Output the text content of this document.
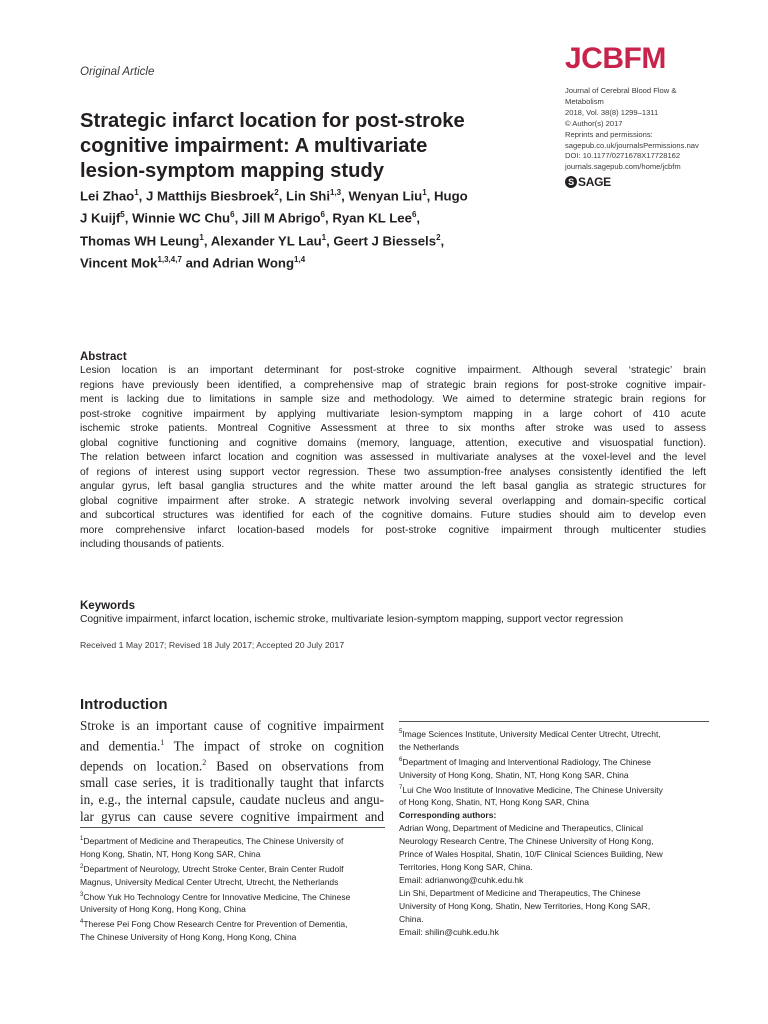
Original Article	JCBFM
Journal of Cerebral Blood Flow &
Metabolism
2018, Vol. 38(8) 1299–1311
© Author(s) 2017
Reprints and permissions:
sagepub.co.uk/journalsPermissions.nav
DOI: 10.1177/0271678X17728162
journals.sagepub.com/home/jcbfm
S SAGE
Strategic infarct location for post-stroke
cognitive impairment: A multivariate
lesion-symptom mapping study
Lei Zhao$^1$, J Matthijs Biesbroek$^2$, Lin Shi$^{1,3}$, Wenyan Liu$^1$, Hugo
J Kuijf$^5$, Winnie WC Chu$^6$, Jill M Abrigo$^6$, Ryan KL Lee$^6$,
Thomas WH Leung$^1$, Alexander YL Lau$^1$, Geert J Biessels$^2$,
Vincent Mok$^{1,3,4,7}$ and Adrian Wong$^{1,4}$
Abstract
Lesion location is an important determinant for post-stroke cognitive impairment. Although several ‘strategic’ brain
regions have previously been identified, a comprehensive map of strategic brain regions for post-stroke cognitive impair-
ment is lacking due to limitations in sample size and methodology. We aimed to determine strategic brain regions for
post-stroke cognitive impairment by applying multivariate lesion-symptom mapping in a large cohort of 410 acute
ischemic stroke patients. Montreal Cognitive Assessment at three to six months after stroke was used to assess
global cognitive functioning and cognitive domains (memory, language, attention, executive and visuospatial function).
The relation between infarct location and cognition was assessed in multivariate analyses at the voxel-level and the level
of regions of interest using support vector regression. These two assumption-free analyses consistently identified the left
angular gyrus, left basal ganglia structures and the white matter around the left basal ganglia as strategic structures for
global cognitive impairment after stroke. A strategic network involving several overlapping and domain-specific cortical
and subcortical structures was identified for each of the cognitive domains. Future studies should aim to develop even
more comprehensive infarct location-based models for post-stroke cognitive impairment through multicenter studies
including thousands of patients.
Keywords
Cognitive impairment, infarct location, ischemic stroke, multivariate lesion-symptom mapping, support vector regression
Received 1 May 2017; Revised 18 July 2017; Accepted 20 July 2017
Introduction
Stroke is an important cause of cognitive impairment
and dementia.$^1$ The impact of stroke on cognition
depends on location.$^2$ Based on observations from
small case series, it is traditionally taught that infarcts
in, e.g., the internal capsule, caudate nucleus and angu-
lar gyrus can cause severe cognitive impairment and
$^1$Department of Medicine and Therapeutics, The Chinese University of
Hong Kong, Shatin, NT, Hong Kong SAR, China
$^2$Department of Neurology, Utrecht Stroke Center, Brain Center Rudolf
Magnus, University Medical Center Utrecht, Utrecht, the Netherlands
$^3$Chow Yuk Ho Technology Centre for Innovative Medicine, The Chinese
University of Hong Kong, Hong Kong, China
$^4$Therese Pei Fong Chow Research Centre for Prevention of Dementia,
The Chinese University of Hong Kong, Hong Kong, China
$^5$Image Sciences Institute, University Medical Center Utrecht, Utrecht,
the Netherlands
$^6$Department of Imaging and Interventional Radiology, The Chinese
University of Hong Kong, Shatin, NT, Hong Kong SAR, China
$^7$Lui Che Woo Institute of Innovative Medicine, The Chinese University
of Hong Kong, Shatin, NT, Hong Kong SAR, China
Corresponding authors:
Adrian Wong, Department of Medicine and Therapeutics, Clinical
Neurology Research Centre, The Chinese University of Hong Kong,
Prince of Wales Hospital, Shatin, 10/F Clinical Sciences Building, New
Territories, Hong Kong SAR, China.
Email: adrianwong@cuhk.edu.hk
Lin Shi, Department of Medicine and Therapeutics, The Chinese
University of Hong Kong, Shatin, New Territories, Hong Kong SAR,
China.
Email: shilin@cuhk.edu.hk
